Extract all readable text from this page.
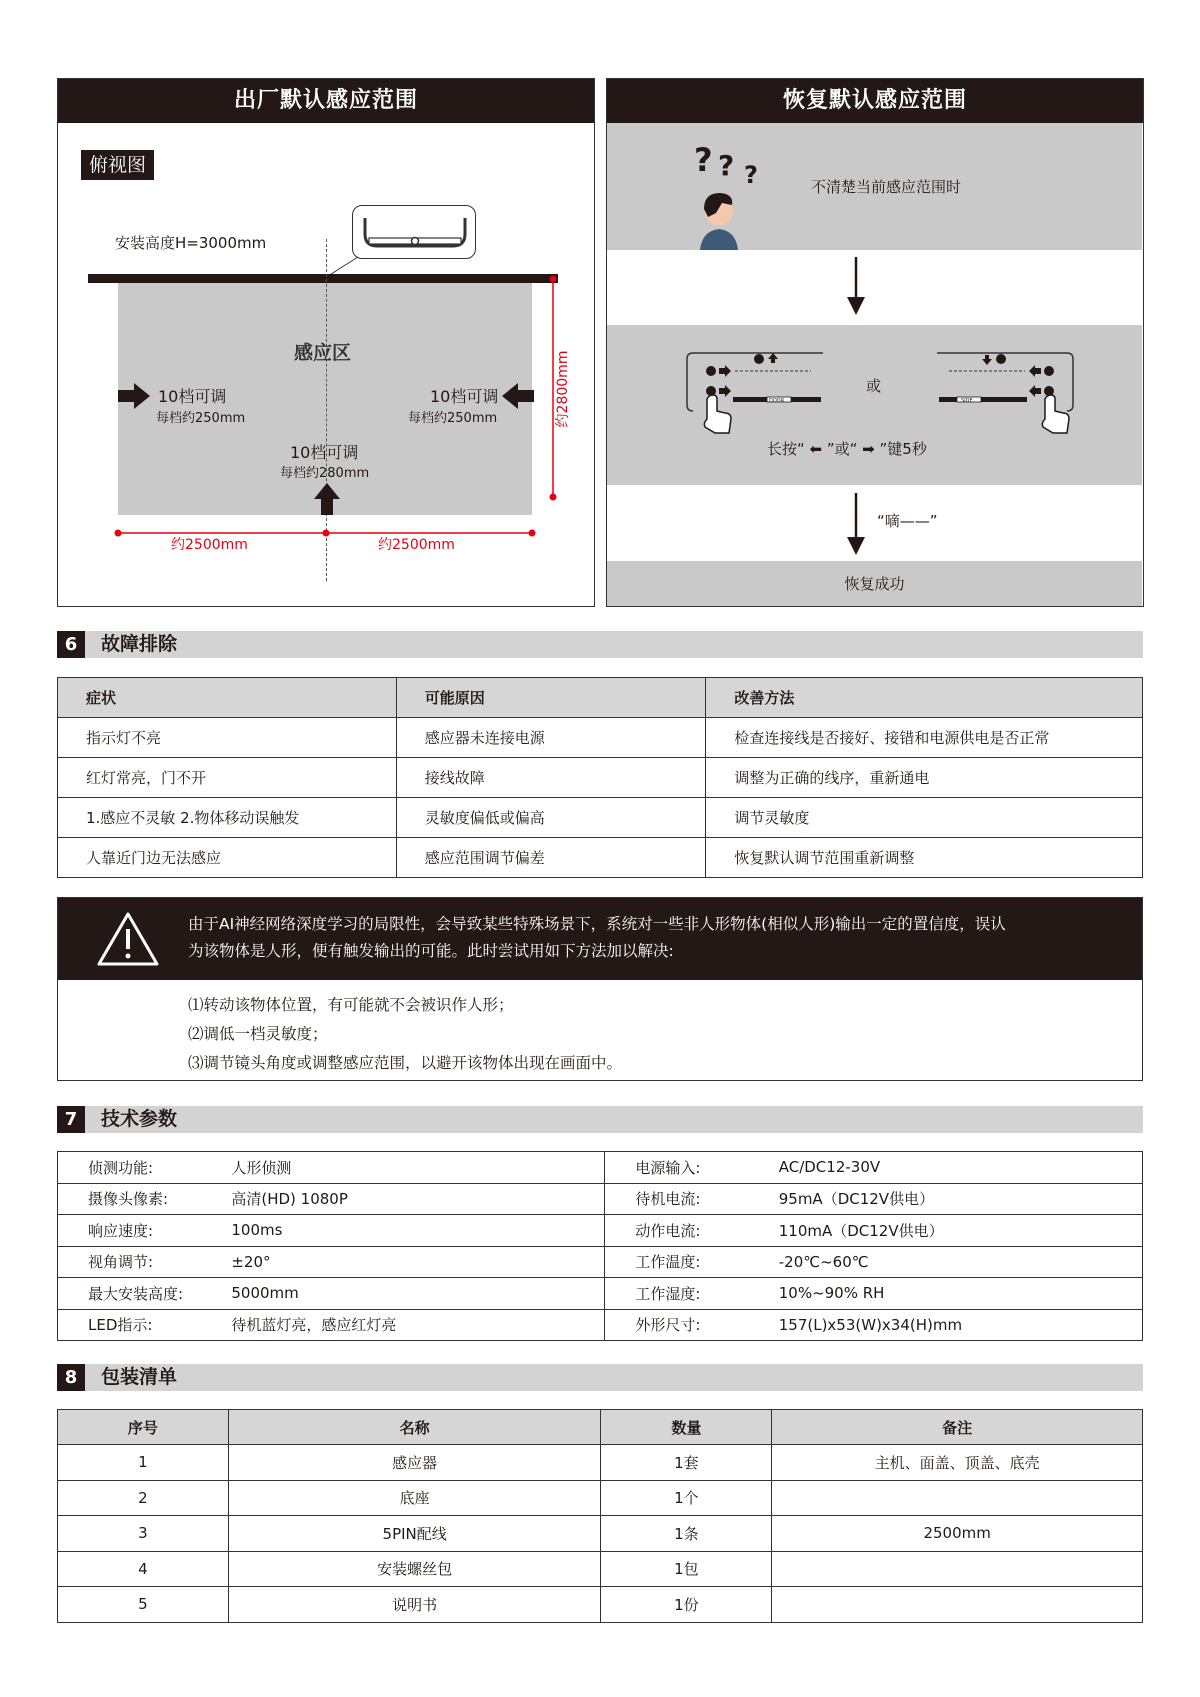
出厂默认感应范围
俯视图
安装高度H=3000mm
感应区
10档可调
每档约250mm
10档可调
每档约250mm
10档可调
每档约280mm
约2800mm
约2500mm	约2500mm
恢复默认感应范围
? ? ?	不清楚当前感应范围时
DOOR
或
SIDE
长按“ ⬅ ”或“ ➡ ”键5秒
“嘀——”
恢复成功
6	故障排除
症状	可能原因	改善方法
指示灯不亮	感应器未连接电源	检查连接线是否接好、接错和电源供电是否正常
红灯常亮，门不开	接线故障	调整为正确的线序，重新通电
1.感应不灵敏 2.物体移动误触发	灵敏度偏低或偏高	调节灵敏度
人靠近门边无法感应	感应范围调节偏差	恢复默认调节范围重新调整
由于AI神经网络深度学习的局限性，会导致某些特殊场景下，系统对一些非人形物体(相似人形)输出一定的置信度，误认
为该物体是人形，便有触发输出的可能。此时尝试用如下方法加以解决:
⑴转动该物体位置，有可能就不会被识作人形；
⑵调低一档灵敏度；
⑶调节镜头角度或调整感应范围，以避开该物体出现在画面中。
7	技术参数
侦测功能:	人形侦测	电源输入:	AC/DC12-30V
摄像头像素:	高清(HD) 1080P	待机电流:	95mA（DC12V供电）
响应速度:	100ms	动作电流:	110mA（DC12V供电）
视角调节:	±20°	工作温度:	-20℃~60℃
最大安装高度:	5000mm	工作湿度:	10%~90% RH
LED指示:	待机蓝灯亮，感应红灯亮	外形尺寸:	157(L)x53(W)x34(H)mm
8	包装清单
序号	名称	数量	备注
1	感应器	1套	主机、面盖、顶盖、底壳
2	底座	1个	
3	5PIN配线	1条	2500mm
4	安装螺丝包	1包	
5	说明书	1份	
